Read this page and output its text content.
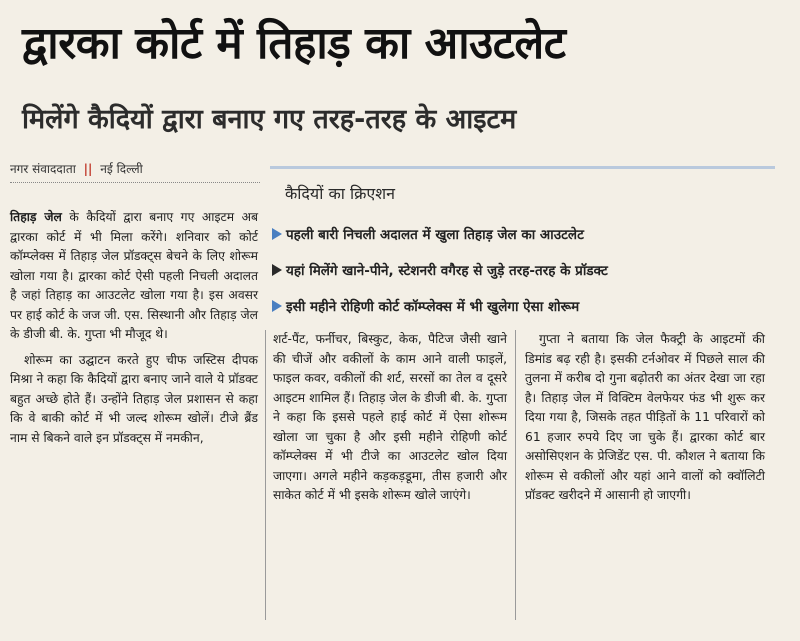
द्वारका कोर्ट में तिहाड़ का आउटलेट
मिलेंगे कैदियों द्वारा बनाए गए तरह-तरह के आइटम
नगर संवाददाता || नई दिल्ली
कैदियों का क्रिएशन
पहली बारी निचली अदालत में खुला तिहाड़ जेल का आउटलेट
यहां मिलेंगे खाने-पीने, स्टेशनरी वगैरह से जुड़े तरह-तरह के प्रॉडक्ट
इसी महीने रोहिणी कोर्ट कॉम्प्लेक्स में भी खुलेगा ऐसा शोरूम

तिहाड़ जेल के कैदियों द्वारा बनाए गए आइटम अब द्वारका कोर्ट में भी मिला करेंगे। शनिवार को कोर्ट कॉम्प्लेक्स में तिहाड़ जेल प्रॉडक्ट्स बेचने के लिए शोरूम खोला गया है। द्वारका कोर्ट ऐसी पहली निचली अदालत है जहां तिहाड़ का आउटलेट खोला गया है। इस अवसर पर हाई कोर्ट के जज जी. एस. सिस्थानी और तिहाड़ जेल के डीजी बी. के. गुप्ता भी मौजूद थे।

शोरूम का उद्घाटन करते हुए चीफ जस्टिस दीपक मिश्रा ने कहा कि कैदियों द्वारा बनाए जाने वाले ये प्रॉडक्ट बहुत अच्छे होते हैं। उन्होंने तिहाड़ जेल प्रशासन से कहा कि वे बाकी कोर्ट में भी जल्द शोरूम खोलें। टीजे ब्रैंड नाम से बिकने वाले इन प्रॉडक्ट्स में नमकीन,

शर्ट-पैंट, फर्नीचर, बिस्कुट, केक, पैटिज जैसी खाने की चीजें और वकीलों के काम आने वाली फाइलें, फाइल कवर, वकीलों की शर्ट, सरसों का तेल व दूसरे आइटम शामिल हैं। तिहाड़ जेल के डीजी बी. के. गुप्ता ने कहा कि इससे पहले हाई कोर्ट में ऐसा शोरूम खोला जा चुका है और इसी महीने रोहिणी कोर्ट कॉम्प्लेक्स में भी टीजे का आउटलेट खोल दिया जाएगा। अगले महीने कड़कड़डूमा, तीस हजारी और साकेत कोर्ट में भी इसके शोरूम खोले जाएंगे।

गुप्ता ने बताया कि जेल फैक्ट्री के आइटमों की डिमांड बढ़ रही है। इसकी टर्नओवर में पिछले साल की तुलना में करीब दो गुना बढ़ोतरी का अंतर देखा जा रहा है। तिहाड़ जेल में विक्टिम वेलफेयर फंड भी शुरू कर दिया गया है, जिसके तहत पीड़ितों के 11 परिवारों को 61 हजार रुपये दिए जा चुके हैं। द्वारका कोर्ट बार असोसिएशन के प्रेजिडेंट एस. पी. कौशल ने बताया कि शोरूम से वकीलों और यहां आने वालों को क्वॉलिटी प्रॉडक्ट खरीदने में आसानी हो जाएगी।
